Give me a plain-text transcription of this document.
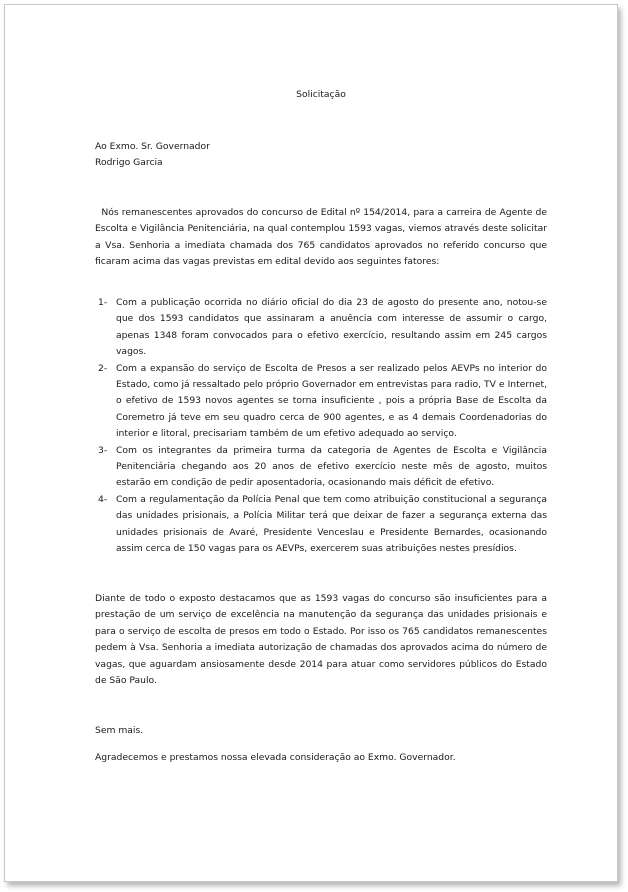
Solicitação
Ao Exmo. Sr. Governador
Rodrigo Garcia
Nós remanescentes aprovados do concurso de Edital nº 154/2014, para a carreira de Agente de Escolta e Vigilância Penitenciária, na qual contemplou 1593 vagas, viemos através deste solicitar a Vsa. Senhoria a imediata chamada dos 765 candidatos aprovados no referido concurso que ficaram acima das vagas previstas em edital devido aos seguintes fatores:
1- Com a publicação ocorrida no diário oficial do dia 23 de agosto do presente ano, notou-se que dos 1593 candidatos que assinaram a anuência com interesse de assumir o cargo, apenas 1348 foram convocados para o efetivo exercício, resultando assim em 245 cargos vagos.
2- Com a expansão do serviço de Escolta de Presos a ser realizado pelos AEVPs no interior do Estado, como já ressaltado pelo próprio Governador em entrevistas para radio, TV e Internet, o efetivo de 1593 novos agentes se torna insuficiente , pois a própria Base de Escolta da Coremetro já teve em seu quadro cerca de 900 agentes, e as 4 demais Coordenadorias do interior e litoral, precisariam também de um efetivo adequado ao serviço.
3- Com os integrantes da primeira turma da categoria de Agentes de Escolta e Vigilância Penitenciária chegando aos 20 anos de efetivo exercício neste mês de agosto, muitos estarão em condição de pedir aposentadoria, ocasionando mais déficit de efetivo.
4- Com a regulamentação da Polícia Penal que tem como atribuição constitucional a segurança das unidades prisionais, a Polícia Militar terá que deixar de fazer a segurança externa das unidades prisionais de Avaré, Presidente Venceslau e Presidente Bernardes, ocasionando assim cerca de 150 vagas para os AEVPs, exercerem suas atribuições nestes presídios.
Diante de todo o exposto destacamos que as 1593 vagas do concurso são insuficientes para a prestação de um serviço de excelência na manutenção da segurança das unidades prisionais e para o serviço de escolta de presos em todo o Estado. Por isso os 765 candidatos remanescentes pedem à Vsa. Senhoria a imediata autorização de chamadas dos aprovados acima do número de vagas, que aguardam ansiosamente desde 2014 para atuar como servidores públicos do Estado de São Paulo.
Sem mais.
Agradecemos e prestamos nossa elevada consideração ao Exmo. Governador.
